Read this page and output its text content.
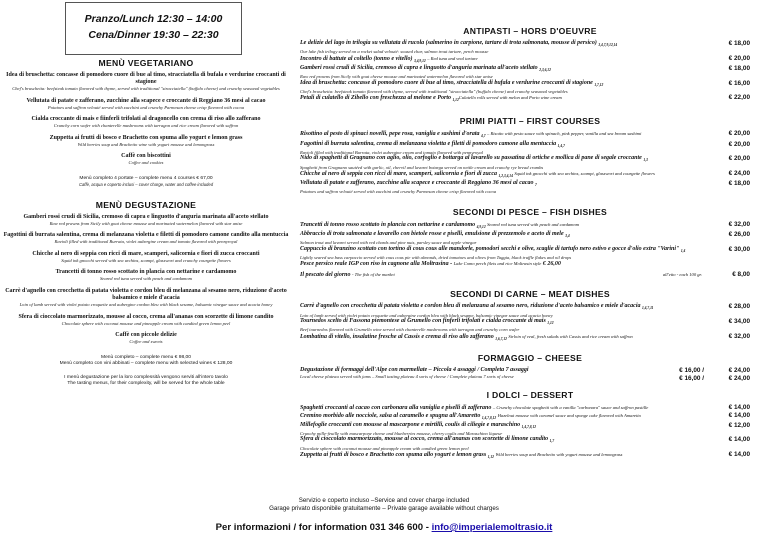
Pranzo/Lunch 12:30 – 14:00
Cena/Dinner 19:30 – 22:30
MENÙ VEGETARIANO
Idea di bruschetta: concasse di pomodoro cuore di bue al timo, stracciatella di bufala e verdurine croccanti di stagione
Chef's bruschetta: beefsteak tomato flavored with thyme, served with traditional "stracciatella" (buffalo cheese) and crunchy seasonal vegetables
Vellutata di patate e zafferano, zucchine alla scapece e croccante di Reggiano 36 mesi al cacao
Potatoes and saffron velouté served with zucchini and crunchy Parmesan cheese crisp flavored with cocoa
Cialda croccante di mais e fiinferli trifolati al dragoncello con crema di riso allo zafferano
Crunchy corn wafer with chanterelle mushrooms with tarragon and rice cream flavored with saffron
Zuppetta ai frutti di bosco e Brachetto con spuma allo yogurt e lemon grass
Wild berries soup and Brachetto wine with yogurt mousse and lemongrass
Caffè con biscottini
Coffee and cookies
Menù completo 4 portate – complete menu 4 courses € 67,00
Caffè, acqua e coperto inclusi – cover charge, water and coffee included
MENÙ DEGUSTAZIONE
Gamberi rossi crudi di Sicilia, cremoso di capra e linguotto d'anguria marinata all'aceto stellato
Raw red prawns from Sicily with goat cheese mousse and marinated watermelon flavored with star anise
Fagottini di burrata salentina, crema di melanzana violetta e filetti di pomodoro camone candito alla mentuccia
Ravioli filled with traditional Burrata, violet aubergine cream and tomato flavored with pennyroyal
Chicche al nero di seppia con ricci di mare, scamperi, salicornia e fiori di zucca croccanti
Squid ink gnocchi served with sea urchins, scampi, glasswort and crunchy courgette flowers
Trancetti di tonno rosso scottato in plancia con nettarine e cardamomo
Seared red tuna served with peach and cardamom
Carrè d'agnello con crocchetta di patata violetta e cordon bleu di melanzana al sesamo nero, riduzione d'aceto balsamico e miele d'acacia
Loin of lamb served with violet potato croquette and aubergine cordon bleu with black sesame, balsamic vinegar sauce and acacia honey
Sfera di cioccolato marmorizzato, mousse al cocco, crema all'ananas con scorzette di limone candito
Chocolate sphere with coconut mousse and pineapple cream with candied green lemon peel
Caffè con piccole delizie
Coffee and sweets
Menù completo – complete menu € 98,00
Menù completo con vini abbinati – complete menu with selected wines € 128,00
I menù degustazione per la loro complessità vengono serviti all'intero tavolo
The tasting menus, for their complexity, will be served for the whole table
ANTIPASTI – HORS D'OEUVRE
Le delizie del lago in trilogia su vellutata di rucola (salmerino in carpione, tartare di trota salmonata, mousse di persico) $_{3,4,7,9,12,14}$
Our lake fish trilogy served on a rocket salad velouté: soused char, salmon trout tartare, perch mousse
€ 18,00
Incontro di battute al coltello (tonno e vitello) $_{3,4,9,12}$ – Red tuna and veal tartare	€ 20,00
Gamberi rossi crudi di Sicilia, cremoso di capra e linguotto d'anguria marinata all'aceto stellato $_{2,3,6,12}$
Raw red prawns from Sicily with goat cheese mousse and marinated watermelon flavored with star anise
€ 18,00
Idea di bruschetta: concasse di pomodoro cuore di bue al timo, stracciatella di bufala e verdurine croccanti di stagione $_{1,7,12}$
Chef's bruschetta: beefsteak tomato flavored with thyme, served with traditional "stracciatella" (buffalo cheese) and crunchy seasonal vegetables
€ 16,00
Petali di culatello di Zibello con freschezza al melone e Porto $_{1,12}$Culatello rolls served with melon and Porto wine cream	€ 22,00
PRIMI PIATTI – FIRST COURSES
Risottino al pesto di spinaci novelli, pepe rosa, vaniglia e sashimi d'orata $_{4,7}$ – Risotto with pesto sauce with spinach, pink pepper, vanilla and sea bream sashimi	€ 20,00
Fagottini di burrata salentina, crema di melanzana violetta e filetti di pomodoro camone alla mentuccia $_{1,4,7}$
Ravioli filled with traditional Burrata, violet aubergine cream and tomato flavored with pennyroyal
€ 20,00
Nido di spaghetti di Gragnano con aglio, olio, corfoglio e bottarga al lavarello su passatina di ortiche e mollica di pane di segale croccante $_{1,3}$
Spaghetti from Gragnano sautéed with garlic, oil, chervil and lavaret botarga served on nettle cream and crunchy rye bread crumbs
€ 20,00
Chicche al nero di seppia con ricci di mare, scamperi, salicornia e fiori di zucca $_{1,2,3,4,14}$ Squid ink gnocchi with sea urchins, scampi, glasswort and courgette flowers	€ 24,00
Vellutata di patate e zafferano, zucchine alla scapece e croccante di Reggiano 36 mesi al cacao $_7$
Potatoes and saffron velouté served with zucchini and crunchy Parmesan cheese crisp flavored with cocoa
€ 18,00
SECONDI DI PESCE – FISH DISHES
Trancetti di tonno rosso scottato in plancia con nettarine e cardamomo $_{4,9,12}$ Seared red tuna served with peach and cardamom	€ 32,00
Abbraccio di trota salmonata e lavarello con bietole rosse e piselli, emulsione di prezzemolo e aceto di mele $_{3,4}$
Salmon trout and lavaret served with red chards and pine nuts, parsley sauce and apple vinegar
€ 26,00
Cappuccio di branzino scottato con tortino di cous cous alle mandorle, pomodori secchi e olive, scaglie di tartufo nero estivo e gocce d'olio extra "Varini" $_{1,4}$
Lightly seared sea bass carpaccio served with cous cous pie with almonds, dried tomatoes and olives from Taggia, black truffle flakes and oil drops
€ 30,00
Pesce persico reale IGP con riso in cagnone alla Moltrasina - Lake Como perch filets and rice Moltrasin style € 26,00
Il pescato del giorno - The fish of the market	all'etto - each 100 gr.	€ 8,00
SECONDI DI CARNE – MEAT DISHES
Carrè d'agnello con crocchetta di patata violetta e cordon bleu di melanzana al sesamo nero, riduzione d'aceto balsamico e miele d'acacia $_{1,4,7,11}$
Loin of lamb served with violet potato croquette and aubergine cordon bleu with black sesame, balsamic vinegar sauce and acacia honey
€ 28,00
Tournedos scelto di Fassona piemontese al Grumello con finferli trifolati e cialda croccante di mais $_{1,12}$
Beef tournedos flavored with Grumello wine served with chanterelle mushrooms with tarragon and crunchy corn wafer
€ 34,00
Lombatina di vitello, insalatine fresche al Cassis e crema di riso allo zafferano $_{1,6,7,12}$ Sirloin of veal, fresh salads with Cassis and rice cream with saffron	€ 32,00
FORMAGGIO – CHEESE
Degustazione di formaggi dell'Alpe con marmellate – Piccola 4 assaggi / Completa 7 assaggi
Local cheese plateau served with jams – Small tasting plateau 4 sorts of cheese / Complete plateau 7 sorts of cheese
€ 16,00 /	€ 24,00
€ 16,00 /	€ 24,00
I DOLCI – DESSERT
Spaghetti croccanti al cacao con carbonara alla vaniglia e piselli di zafferano – Crunchy chocolate spaghetti with a vanilla "carbonara" sauce and saffron pastille	€ 14,00
Cremino morbido alle nocciole, salsa al caramello e spugna all'Amaretto $_{1,4,7,8,12}$ Hazelnut mousse with caramel sauce and sponge cake flavored with Amaretto	€ 14,00
Millefoglie croccanti con mousse al mascarpone e mirtilli, coulis di ciliegie e maraschino $_{1,4,7,8,12}$
Crunchy mille-feuille with mascarpone cheese and blueberries mousse, cherry coulis and Maraschino liqueur
€ 12,00
Sfera di cioccolato marmorizzato, mousse al cocco, crema all'ananas con scorzette di limone candito $_{1,7}$
Chocolate sphere with coconut mousse and pineapple cream with candied green lemon peel
€ 14,00
Zuppetta ai frutti di bosco e Brachetto con spuma allo yogurt e lemon grass $_{1,12}$ Wild berries soup and Brachetto with yogurt mousse and lemongrass	€ 14,00
Servizio e coperto incluso –Service and cover charge included
Garage privato disponibile gratuitamente – Private garage available without charges
Per informazioni / for information 031 346 600 - info@imperialemoltrasio.it
